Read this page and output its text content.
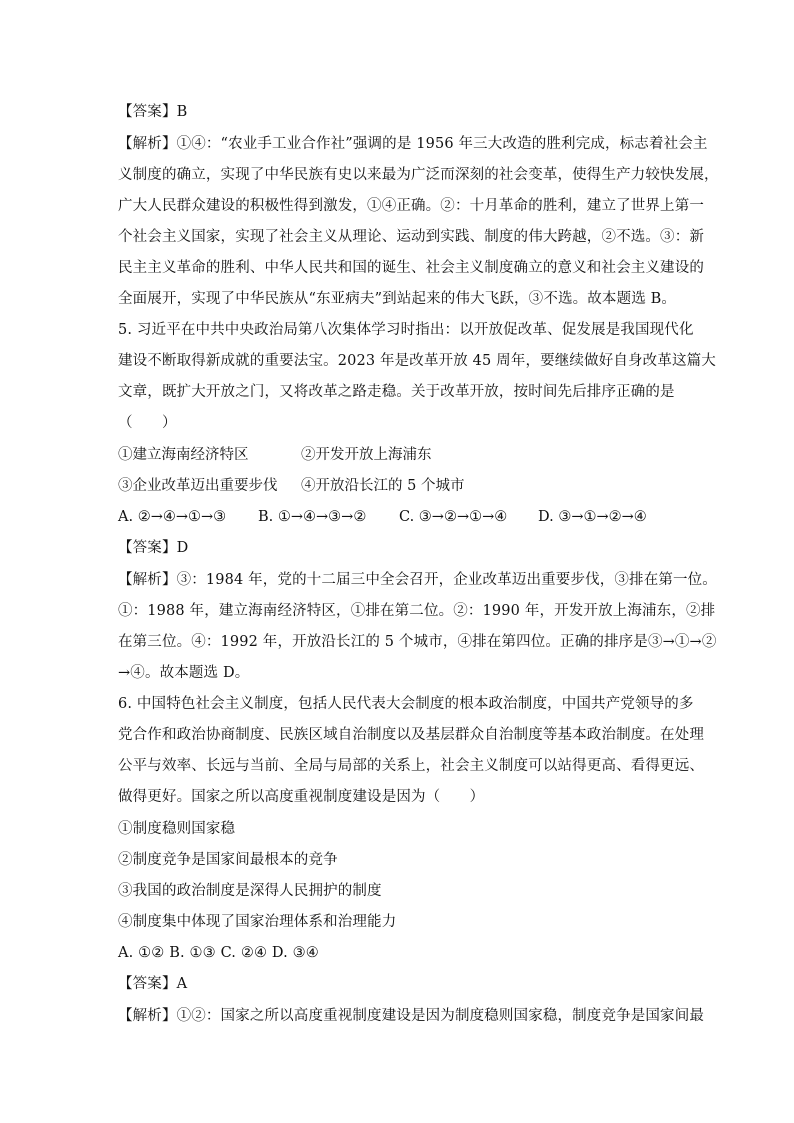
【答案】B
【解析】①④：“农业手工业合作社”强调的是 1956 年三大改造的胜利完成，标志着社会主
义制度的确立，实现了中华民族有史以来最为广泛而深刻的社会变革，使得生产力较快发展，
广大人民群众建设的积极性得到激发，①④正确。②：十月革命的胜利，建立了世界上第一
个社会主义国家，实现了社会主义从理论、运动到实践、制度的伟大跨越，②不选。③：新
民主主义革命的胜利、中华人民共和国的诞生、社会主义制度确立的意义和社会主义建设的
全面展开，实现了中华民族从“东亚病夫”到站起来的伟大飞跃，③不选。故本题选 B。
5. 习近平在中共中央政治局第八次集体学习时指出：以开放促改革、促发展是我国现代化
建设不断取得新成就的重要法宝。2023 年是改革开放 45 周年，要继续做好自身改革这篇大
文章，既扩大开放之门，又将改革之路走稳。关于改革开放，按时间先后排序正确的是
（　　）
①建立海南经济特区	②开发开放上海浦东
③企业改革迈出重要步伐 ④开放沿长江的 5 个城市
A. ②→④→①→③ B. ①→④→③→② C. ③→②→①→④ D. ③→①→②→④
【答案】D
【解析】③：1984 年，党的十二届三中全会召开，企业改革迈出重要步伐，③排在第一位。
①：1988 年，建立海南经济特区，①排在第二位。②：1990 年，开发开放上海浦东，②排
在第三位。④：1992 年，开放沿长江的 5 个城市，④排在第四位。正确的排序是③→①→②
→④。故本题选 D。
6. 中国特色社会主义制度，包括人民代表大会制度的根本政治制度，中国共产党领导的多
党合作和政治协商制度、民族区域自治制度以及基层群众自治制度等基本政治制度。在处理
公平与效率、长远与当前、全局与局部的关系上，社会主义制度可以站得更高、看得更远、
做得更好。国家之所以高度重视制度建设是因为（　　）
①制度稳则国家稳
②制度竞争是国家间最根本的竞争
③我国的政治制度是深得人民拥护的制度
④制度集中体现了国家治理体系和治理能力
A. ①② B. ①③ C. ②④ D. ③④
【答案】A
【解析】①②：国家之所以高度重视制度建设是因为制度稳则国家稳，制度竞争是国家间最
